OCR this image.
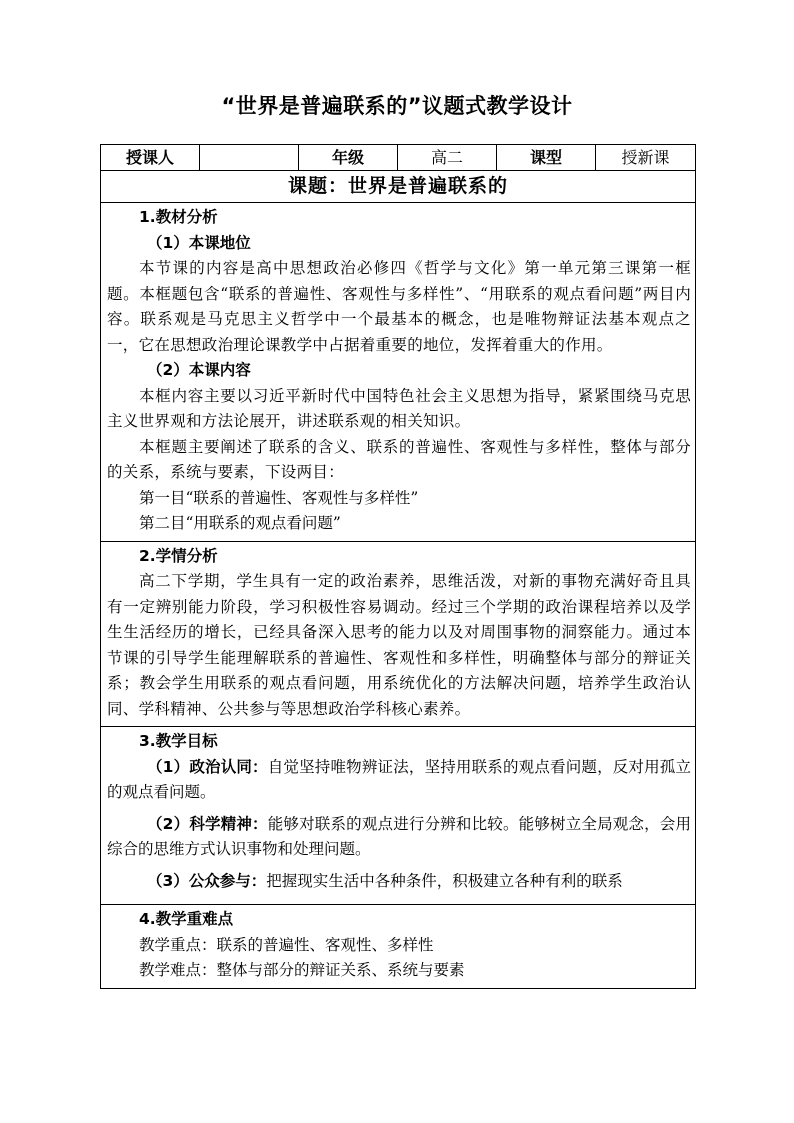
“世界是普遍联系的”议题式教学设计
授课人		年级	高二	课型	授新课
课题：世界是普遍联系的

1.教材分析
（1）本课地位
本节课的内容是高中思想政治必修四《哲学与文化》第一单元第三课第一框题。本框题包含“联系的普遍性、客观性与多样性”、“用联系的观点看问题”两目内容。联系观是马克思主义哲学中一个最基本的概念，也是唯物辩证法基本观点之一，它在思想政治理论课教学中占据着重要的地位，发挥着重大的作用。
（2）本课内容
本框内容主要以习近平新时代中国特色社会主义思想为指导，紧紧围绕马克思主义世界观和方法论展开，讲述联系观的相关知识。
本框题主要阐述了联系的含义、联系的普遍性、客观性与多样性，整体与部分的关系，系统与要素，下设两目：
第一目“联系的普遍性、客观性与多样性”
第二目“用联系的观点看问题”

2.学情分析
高二下学期，学生具有一定的政治素养，思维活泼，对新的事物充满好奇且具有一定辨别能力阶段，学习积极性容易调动。经过三个学期的政治课程培养以及学生生活经历的增长，已经具备深入思考的能力以及对周围事物的洞察能力。通过本节课的引导学生能理解联系的普遍性、客观性和多样性，明确整体与部分的辩证关系；教会学生用联系的观点看问题，用系统优化的方法解决问题，培养学生政治认同、学科精神、公共参与等思想政治学科核心素养。

3.教学目标
（1）政治认同：自觉坚持唯物辨证法，坚持用联系的观点看问题，反对用孤立的观点看问题。
（2）科学精神：能够对联系的观点进行分辨和比较。能够树立全局观念，会用综合的思维方式认识事物和处理问题。
（3）公众参与：把握现实生活中各种条件，积极建立各种有利的联系

4.教学重难点
教学重点：联系的普遍性、客观性、多样性
教学难点：整体与部分的辩证关系、系统与要素
